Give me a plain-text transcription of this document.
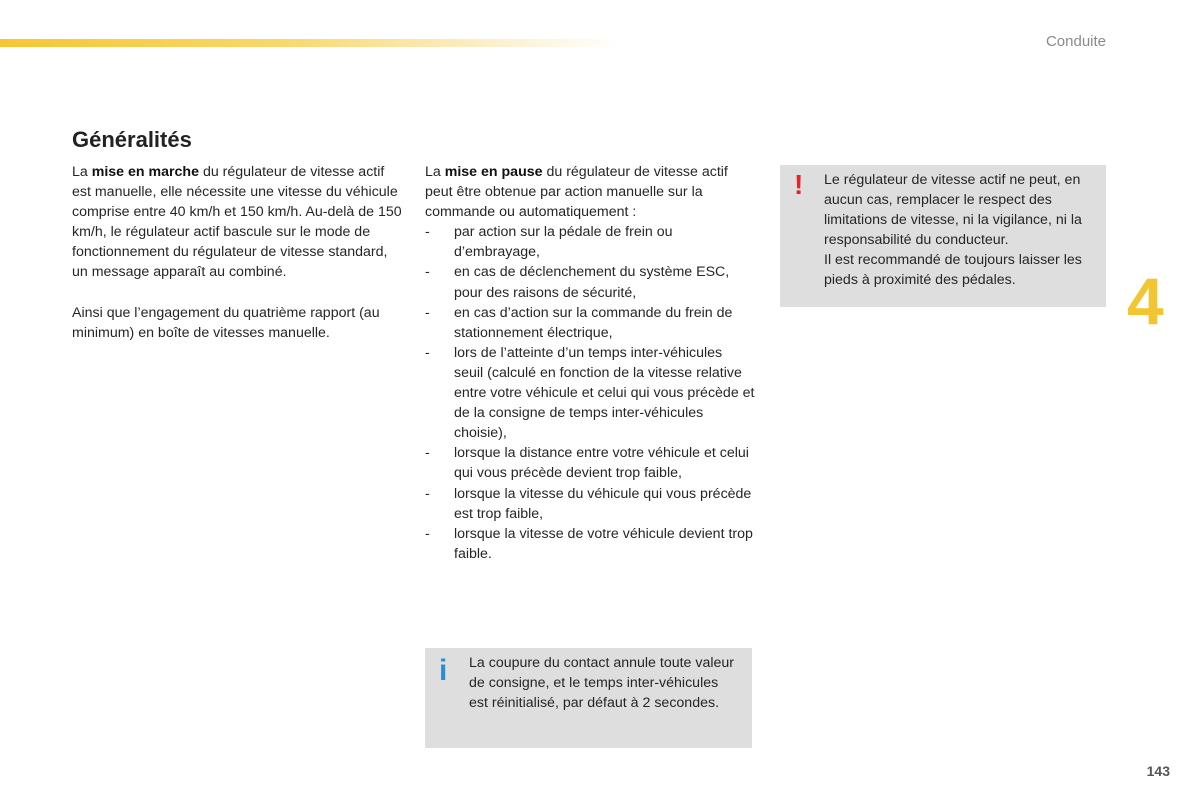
Conduite
4
Généralités

La mise en marche du régulateur de vitesse actif est manuelle, elle nécessite une vitesse du véhicule comprise entre 40 km/h et 150 km/h. Au-delà de 150 km/h, le régulateur actif bascule sur le mode de fonctionnement du régulateur de vitesse standard, un message apparaît au combiné.

Ainsi que l’engagement du quatrième rapport (au minimum) en boîte de vitesses manuelle.

La mise en pause du régulateur de vitesse actif peut être obtenue par action manuelle sur la commande ou automatiquement :

- par action sur la pédale de frein ou d’embrayage,
- en cas de déclenchement du système ESC, pour des raisons de sécurité,
- en cas d’action sur la commande du frein de stationnement électrique,
- lors de l’atteinte d’un temps inter-véhicules seuil (calculé en fonction de la vitesse relative entre votre véhicule et celui qui vous précède et de la consigne de temps inter-véhicules choisie),
- lorsque la distance entre votre véhicule et celui qui vous précède devient trop faible,
- lorsque la vitesse du véhicule qui vous précède est trop faible,
- lorsque la vitesse de votre véhicule devient trop faible.
! Le régulateur de vitesse actif ne peut, en aucun cas, remplacer le respect des limitations de vitesse, ni la vigilance, ni la responsabilité du conducteur.

Il est recommandé de toujours laisser les pieds à proximité des pédales.

i La coupure du contact annule toute valeur de consigne, et le temps inter-véhicules est réinitialisé, par défaut à 2 secondes.
143
